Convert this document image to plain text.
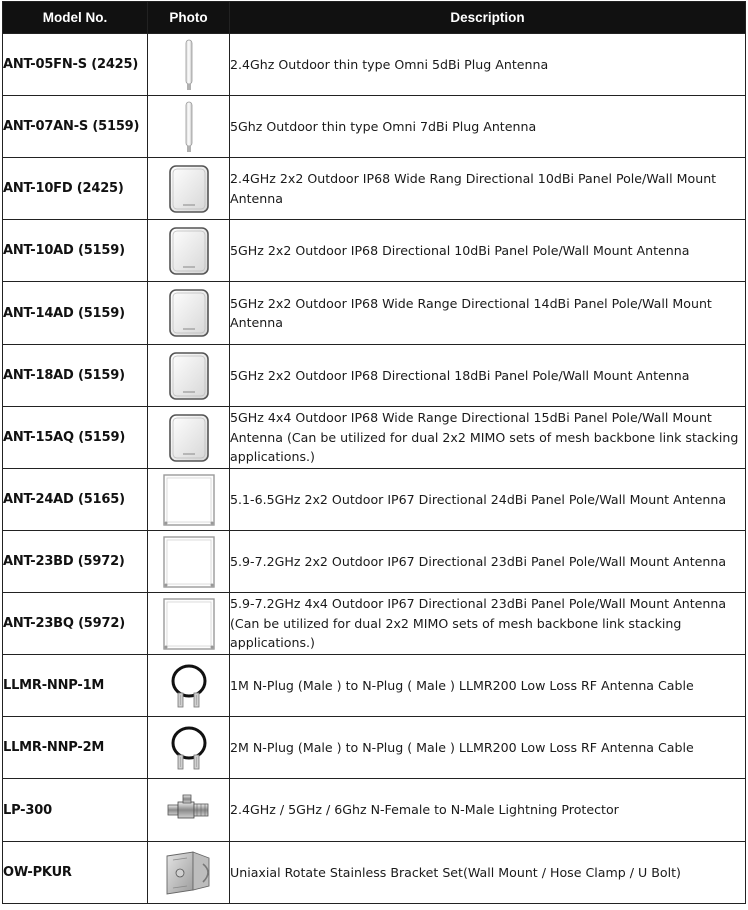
Model No.	Photo	Description
ANT-05FN-S (2425)		2.4Ghz Outdoor thin type Omni 5dBi Plug Antenna
ANT-07AN-S (5159)		5Ghz Outdoor thin type Omni 7dBi Plug Antenna
ANT-10FD (2425)		2.4GHz 2x2 Outdoor IP68 Wide Rang Directional 10dBi Panel Pole/Wall Mount Antenna
ANT-10AD (5159)		5GHz 2x2 Outdoor IP68 Directional 10dBi Panel Pole/Wall Mount Antenna
ANT-14AD (5159)		5GHz 2x2 Outdoor IP68 Wide Range Directional 14dBi Panel Pole/Wall Mount Antenna
ANT-18AD (5159)		5GHz 2x2 Outdoor IP68 Directional 18dBi Panel Pole/Wall Mount Antenna
ANT-15AQ (5159)		5GHz 4x4 Outdoor IP68 Wide Range Directional 15dBi Panel Pole/Wall Mount Antenna (Can be utilized for dual 2x2 MIMO sets of mesh backbone link stacking applications.)
ANT-24AD (5165)		5.1-6.5GHz 2x2 Outdoor IP67 Directional 24dBi Panel Pole/Wall Mount Antenna
ANT-23BD (5972)		5.9-7.2GHz 2x2 Outdoor IP67 Directional 23dBi Panel Pole/Wall Mount Antenna
ANT-23BQ (5972)		5.9-7.2GHz 4x4 Outdoor IP67 Directional 23dBi Panel Pole/Wall Mount Antenna (Can be utilized for dual 2x2 MIMO sets of mesh backbone link stacking applications.)
LLMR-NNP-1M		1M N-Plug (Male ) to N-Plug ( Male ) LLMR200 Low Loss RF Antenna Cable
LLMR-NNP-2M		2M N-Plug (Male ) to N-Plug ( Male ) LLMR200 Low Loss RF Antenna Cable
LP-300		2.4GHz / 5GHz / 6Ghz N-Female to N-Male Lightning Protector
OW-PKUR		Uniaxial Rotate Stainless Bracket Set(Wall Mount / Hose Clamp / U Bolt)
